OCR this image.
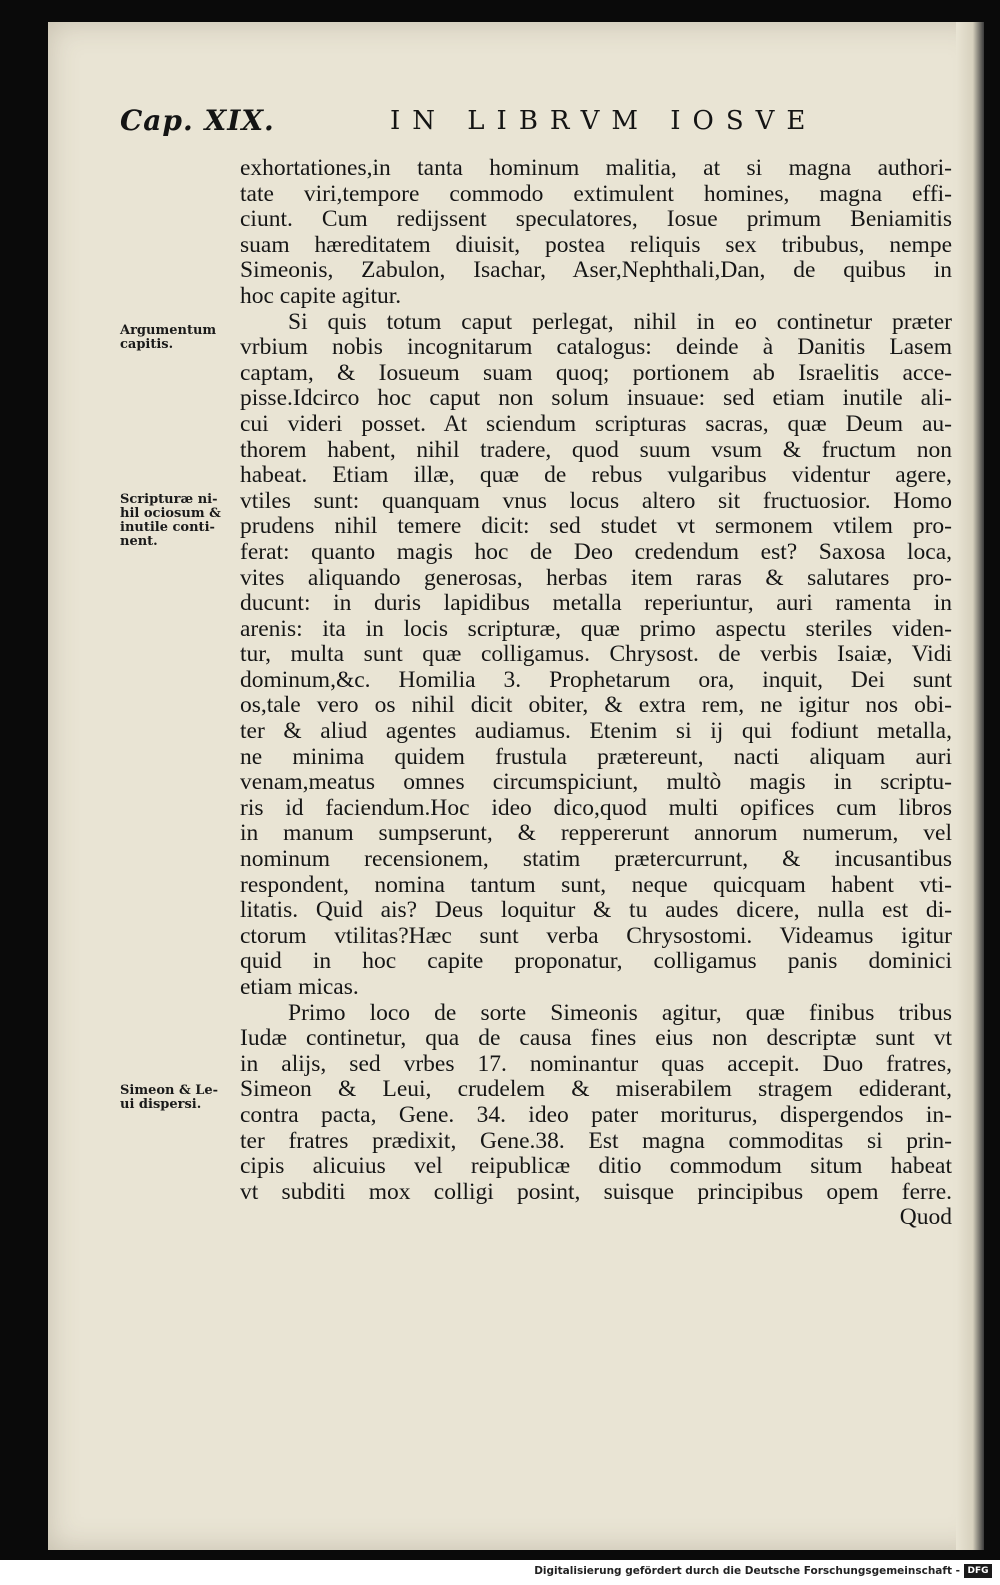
Cap. XIX.	IN LIBRVM IOSVE
Argumentum
capitis.
Scripturæ ni-
hil ociosum &
inutile conti-
nent.
Simeon & Le-
ui dispersi.
exhortationes,in tanta hominum malitia, at si magna authori-
tate viri,tempore commodo extimulent homines, magna effi-
ciunt. Cum redijssent speculatores, Iosue primum Beniamitis
suam hæreditatem diuisit, postea reliquis sex tribubus, nempe
Simeonis, Zabulon, Isachar, Aser,Nephthali,Dan, de quibus in
hoc capite agitur.
Si quis totum caput perlegat, nihil in eo continetur præter
vrbium nobis incognitarum catalogus: deinde à Danitis Lasem
captam, & Iosueum suam quoq; portionem ab Israelitis acce-
pisse.Idcirco hoc caput non solum insuaue: sed etiam inutile ali-
cui videri posset. At sciendum scripturas sacras, quæ Deum au-
thorem habent, nihil tradere, quod suum vsum & fructum non
habeat. Etiam illæ, quæ de rebus vulgaribus videntur agere,
vtiles sunt: quanquam vnus locus altero sit fructuosior. Homo
prudens nihil temere dicit: sed studet vt sermonem vtilem pro-
ferat: quanto magis hoc de Deo credendum est? Saxosa loca,
vites aliquando generosas, herbas item raras & salutares pro-
ducunt: in duris lapidibus metalla reperiuntur, auri ramenta in
arenis: ita in locis scripturæ, quæ primo aspectu steriles viden-
tur, multa sunt quæ colligamus. Chrysost. de verbis Isaiæ, Vidi
dominum,&c. Homilia 3. Prophetarum ora, inquit, Dei sunt
os,tale vero os nihil dicit obiter, & extra rem, ne igitur nos obi-
ter & aliud agentes audiamus. Etenim si ij qui fodiunt metalla,
ne minima quidem frustula prætereunt, nacti aliquam auri
venam,meatus omnes circumspiciunt, multò magis in scriptu-
ris id faciendum.Hoc ideo dico,quod multi opifices cum libros
in manum sumpserunt, & reppererunt annorum numerum, vel
nominum recensionem, statim prætercurrunt, & incusantibus
respondent, nomina tantum sunt, neque quicquam habent vti-
litatis. Quid ais? Deus loquitur & tu audes dicere, nulla est di-
ctorum vtilitas?Hæc sunt verba Chrysostomi. Videamus igitur
quid in hoc capite proponatur, colligamus panis dominici
etiam micas.
Primo loco de sorte Simeonis agitur, quæ finibus tribus
Iudæ continetur, qua de causa fines eius non descriptæ sunt vt
in alijs, sed vrbes 17. nominantur quas accepit. Duo fratres,
Simeon & Leui, crudelem & miserabilem stragem ediderant,
contra pacta, Gene. 34. ideo pater moriturus, dispergendos in-
ter fratres prædixit, Gene.38. Est magna commoditas si prin-
cipis alicuius vel reipublicæ ditio commodum situm habeat
vt subditi mox colligi posint, suisque principibus opem ferre.
Quod
Digitalisierung gefördert durch die Deutsche Forschungsgemeinschaft - DFG
